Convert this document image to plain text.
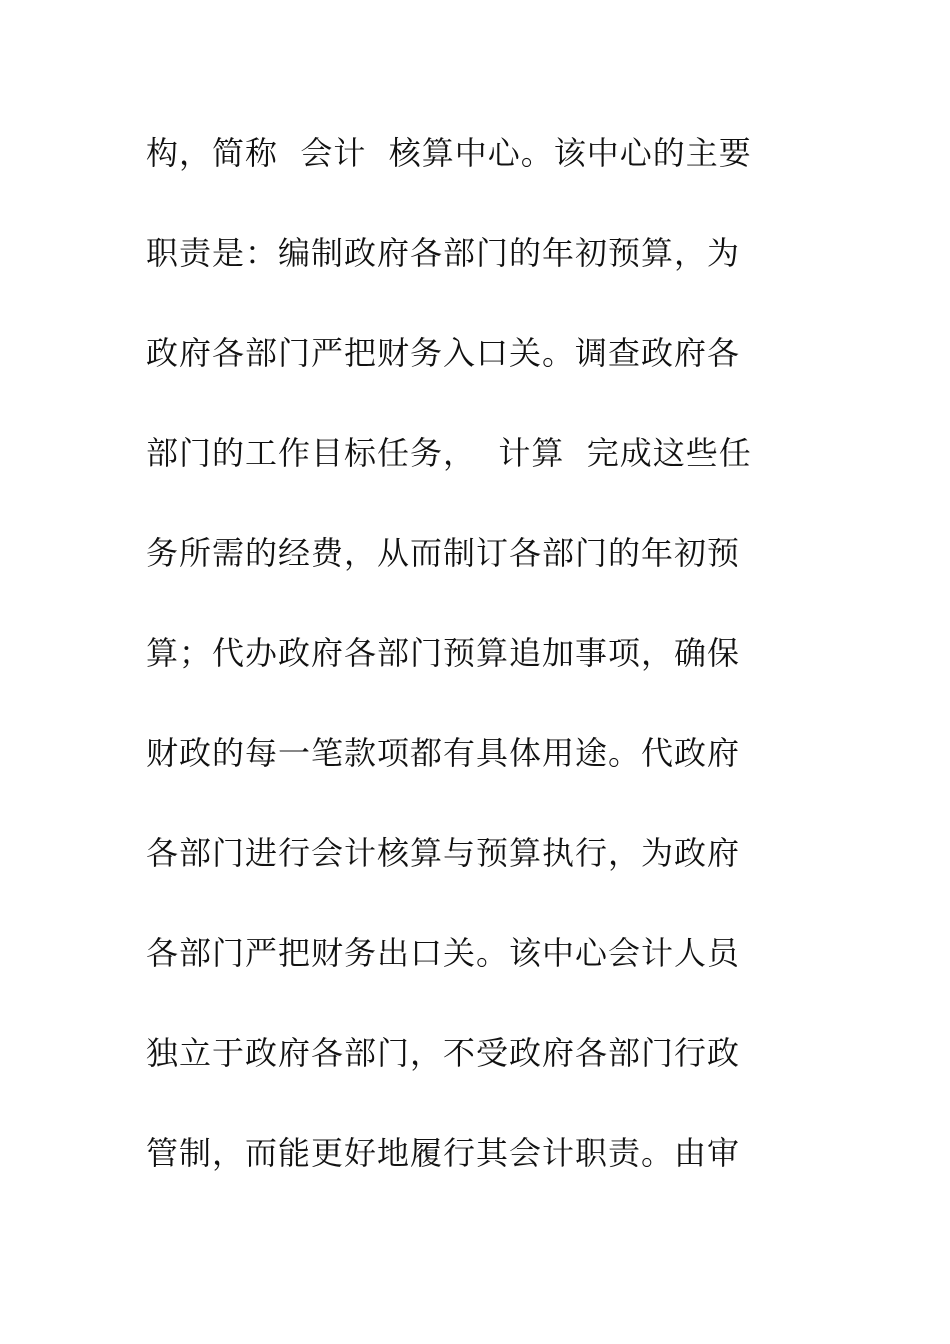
构，简称  会计  核算中心。该中心的主要
职责是：编制政府各部门的年初预算，为
政府各部门严把财务入口关。调查政府各
部门的工作目标任务，  计算  完成这些任
务所需的经费，从而制订各部门的年初预
算；代办政府各部门预算追加事项，确保
财政的每一笔款项都有具体用途。代政府
各部门进行会计核算与预算执行，为政府
各部门严把财务出口关。该中心会计人员
独立于政府各部门，不受政府各部门行政
管制，而能更好地履行其会计职责。由审
